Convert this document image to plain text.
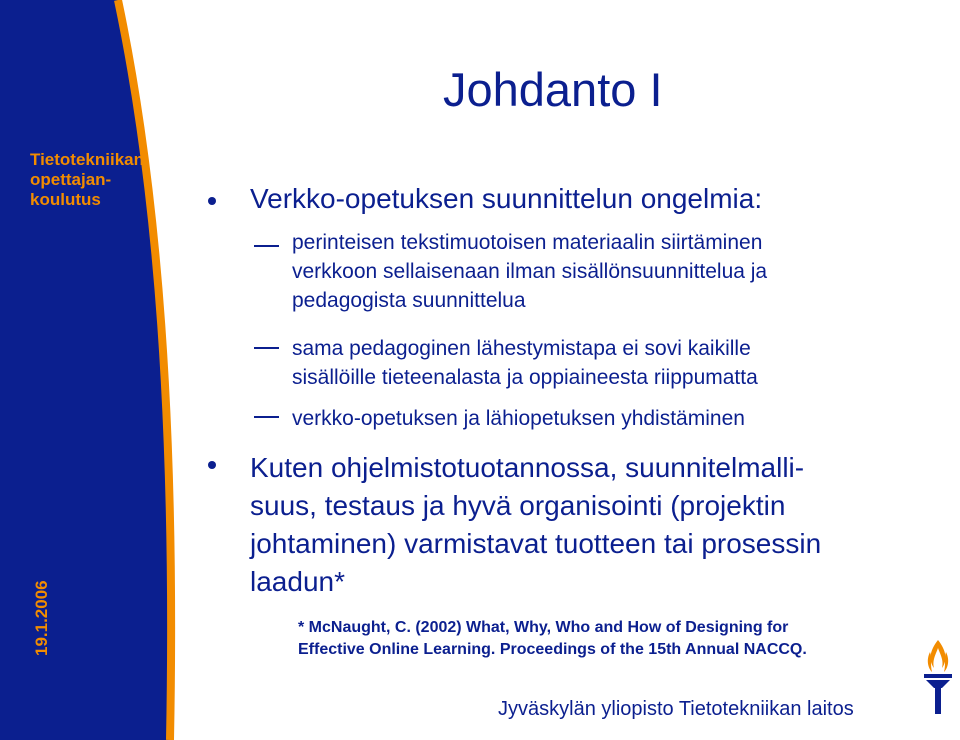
Tietotekniikan
opettajan-
koulutus
19.1.2006
Johdanto I
Verkko-opetuksen suunnittelun ongelmia:
perinteisen tekstimuotoisen materiaalin siirtäminen
verkkoon sellaisenaan ilman sisällönsuunnittelua ja
pedagogista suunnittelua
sama pedagoginen lähestymistapa ei sovi kaikille
sisällöille tieteenalasta ja oppiaineesta riippumatta
verkko-opetuksen ja lähiopetuksen yhdistäminen
Kuten ohjelmistotuotannossa, suunnitelmalli-
suus, testaus ja hyvä organisointi (projektin
johtaminen) varmistavat tuotteen tai prosessin
laadun*
* McNaught, C. (2002) What, Why, Who and How of Designing for
Effective Online Learning. Proceedings of the 15th Annual NACCQ.
Jyväskylän yliopisto Tietotekniikan laitos
